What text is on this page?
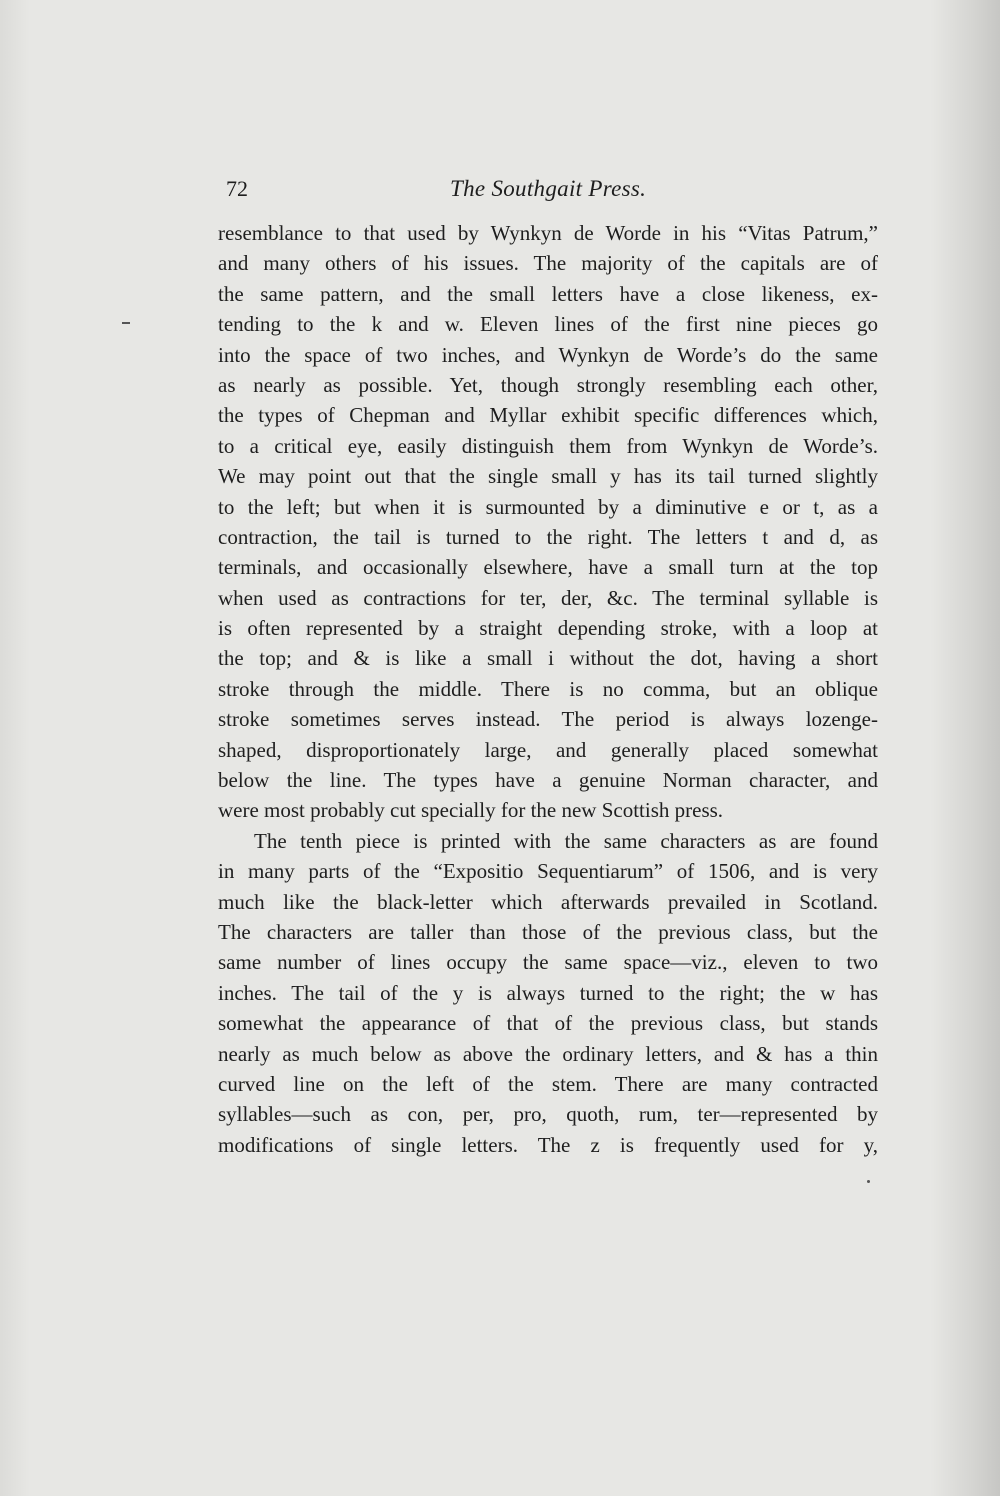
72	The Southgait Press.
resemblance to that used by Wynkyn de Worde in his “Vitas Patrum,”
and many others of his issues. The majority of the capitals are of
the same pattern, and the small letters have a close likeness, ex-
tending to the k and w. Eleven lines of the first nine pieces go
into the space of two inches, and Wynkyn de Worde’s do the same
as nearly as possible. Yet, though strongly resembling each other,
the types of Chepman and Myllar exhibit specific differences which,
to a critical eye, easily distinguish them from Wynkyn de Worde’s.
We may point out that the single small y has its tail turned slightly
to the left; but when it is surmounted by a diminutive e or t, as a
contraction, the tail is turned to the right. The letters t and d, as
terminals, and occasionally elsewhere, have a small turn at the top
when used as contractions for ter, der, &c. The terminal syllable is
is often represented by a straight depending stroke, with a loop at
the top; and & is like a small i without the dot, having a short
stroke through the middle. There is no comma, but an oblique
stroke sometimes serves instead. The period is always lozenge-
shaped, disproportionately large, and generally placed somewhat
below the line. The types have a genuine Norman character, and
were most probably cut specially for the new Scottish press.
The tenth piece is printed with the same characters as are found
in many parts of the “Expositio Sequentiarum” of 1506, and is very
much like the black-letter which afterwards prevailed in Scotland.
The characters are taller than those of the previous class, but the
same number of lines occupy the same space—viz., eleven to two
inches. The tail of the y is always turned to the right; the w has
somewhat the appearance of that of the previous class, but stands
nearly as much below as above the ordinary letters, and & has a thin
curved line on the left of the stem. There are many contracted
syllables—such as con, per, pro, quoth, rum, ter—represented by
modifications of single letters. The z is frequently used for y,
